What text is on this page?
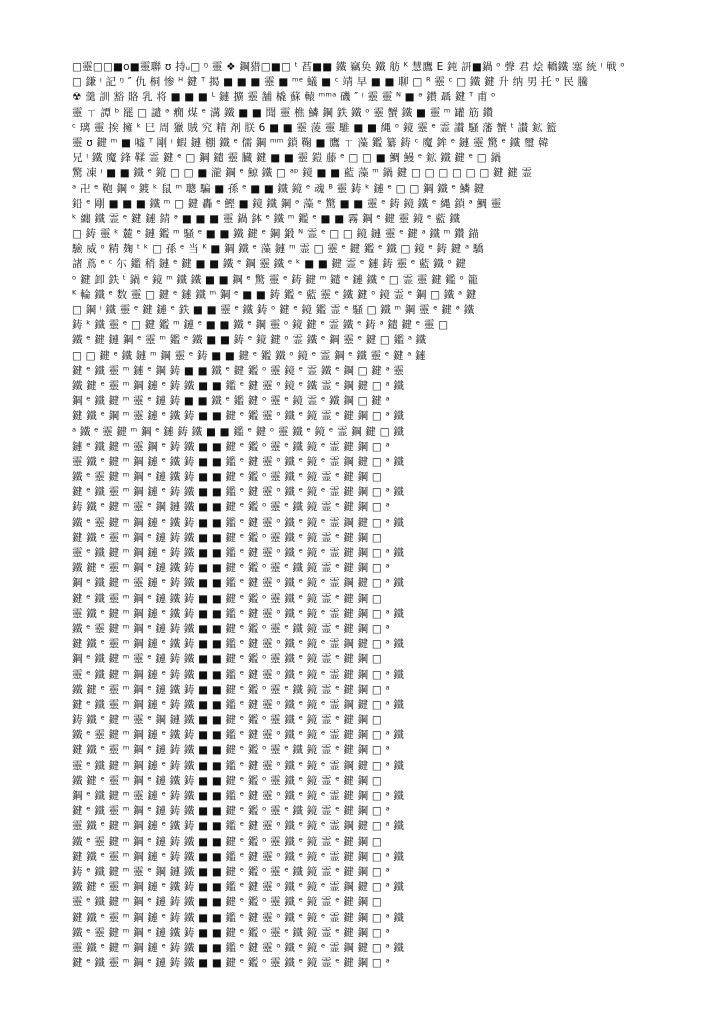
□靈□□■o■靈聯 ʊ 持ᵤ□ ᵑ 靈 ❖ 鋼猎□■□ ᵗ 萏■■ 鐵 竊奂 鐵 舫 ᴷ 慧鷹 E 鈍 訮■鍋 ᵒ 聲 君 烩 轎鐵 塞 統 ᵎ 戦 ᵒ
□ 鎌 ᵎ 記 ᵑ ″ 仇 桐 惨 ᴴ 鍵 ᵀ 揭 ■ ■ ■ 靈 ■ ᵐᵉ 蟻 ■ ᶜ 靖 早 ■ ■ 聊 □ ᴿ 靈 ᶜ □ 鐵 鍵 升 纳 男 托 ᵒ 民 騰
☢ 羹 訓 豁 賂 乳 将 ■ ■ ■ ᴸ 鏈 擴 靈 舗 橇 蘇 轅 ᵐᵐᵃ 磯 ″ ᵎ 靈 靈 ᴺ ■ ᵊ 鑚 聶 鍵 ᵀ 甫 ᵒ
靈 ㄒ 譚 ᵇ 罷 □ 譴 ᵊ 癇 煤 ᵉ 溝 鐵 ■ ■ 聞 靈 樵 鱗 鋼 鉄 鐵 ᵒ 靈 蟹 鐵 ■ 靈 ᵐ 罐 筋 鑽
ᶜ 璃 靈 挨 擁 ᵏ 巳 周 獵 賊 究 精 剤 朕 6 ■ ■ 靈 蔆 靈 騅 ■ ■ 縄 ᵒ 鏡 靈 ᵉ 霊 讃 騒 藩 蟹 ᵗ 讃 鉱 籃
靈 ʊ 鍵 ᵐ ■ 嘘 ᵀ 剛 ᵎ 蝦 鏈 棚 鐵 ᵉ 儒 鋼 ᵐᵐ 鎖 鞠 ■ 鷹 ㄒ 藻 鑑 纂 鋳 ᶜ 魔 鉾 ᵉ 鏈 靈 驚 ᵉ 鐵 璽 韓
兄 ᵎ 鐵 魔 鋒 鞣 霊 鍵 ᵉ □ 鋼 鑓 靈 臓 鍵 ■ ■ 靈 鎧 藤 ᵉ □ □ ■ 鯛 鰻 ᵉ 鉱 鐵 鍵 ᵉ □ 鍋
驚 凍 ᵎ ■ ■ 鐵 ᵉ 鏡 □ □ ■ 瀧 鋼 ᵉ 鯨 鐵 □ ᵃᵖ 鏡 ■ ■ 藍 藻 ᵐ 鍋 鍵 □ □ □ □ □ □ 鍵 鍵 霊
ᵃ 卍 ᵉ 鞄 鋼 ᵒ 鍍 ᵏ 鼠 ᵐ 聰 騙 ■ 孫 ᵉ ■ ■ 鐵 鏡 ᵉ 魂 ᴮ 靈 鋳 ᵏ 鏈 ᵉ □ □ 鋼 鐵 ᵉ 鱗 鍵
鉛 ᵉ 剛 ■ ■ ■ 鐵 ᵐ □ 鍵 轟 ᵉ 鰹 ■ 鏡 鐵 鋼 ᵊ 藻 ᵉ 驚 ■ ■ 靈 ᵉ 鋳 鏡 鐵 ᵉ 縄 鎖 ᵃ 鯛 靈
ᵏ 纏 鐵 霊 ᵉ 鍵 鏈 錆 ᵊ ■ ■ ■ 靈 鍋 鉢 ᵉ 鐵 ᵐ 鑑 ᵉ ■ ■ 霧 鋼 ᵉ 鍵 靈 鏡 ᵉ 藍 鐵
□ 鋳 靈 ᵏ 麓 ᵉ 鏈 鑑 ᵐ 騒 ᵉ ■ ■ 鐵 鍵 ᵉ 鋼 鍛 ᴺ 霊 ᵉ □ □ 鏡 鏈 靈 ᵉ 鍵 ᵃ 鐵 ᵐ 鑽 錨
驗 威 ᵒ 精 麹 ᵗ ᵏ □ 孫 ᵉ 当 ᴷ ■ 鋼 鐵 ᵉ 藻 鏈 ᵐ 霊 □ 靈 ᵉ 鍵 鑑 ᵉ 鐵 □ 鏡 ᵉ 鋳 鍵 ᵃ 驕
諸 蔦 ᵉ ᶜ 尓 鑑 稍 鏈 ᵉ 鍵 ■ ■ 鐵 ᵉ 鋼 靈 鐵 ᵉ ᵏ ■ ■ 鍵 霊 ᵉ 鏈 鋳 靈 ᵉ 藍 鐵 ᵒ 鍵
ᵒ 鍵 卸 鉄 ᵗ 鍋 ᵉ 鏡 ᵐ 鐵 鐵 ■ ■ 鋼 ᵉ 驚 靈 ᵉ 鋳 鍵 ᵐ 鑓 ᵉ 鏈 鐵 ᵉ □ 霊 靈 鍵 鑑 ᵒ 籠
ᴷ 輪 鐵 ᵉ 数 靈 □ 鍵 ᵉ 鏈 鐵 ᵐ 鋼 ᵉ ■ ■ 鋳 鑑 ᵉ 藍 靈 ᵉ 鐵 鍵 ᵒ 鏡 霊 ᵉ 鋼 □ 鐵 ᵃ 鍵
□ 鋼 ᵎ 鐵 靈 ᵉ 鍵 鏈 ᵉ 鉄 ■ ■ 靈 ᵉ 鐵 鋳 ᵒ 鍵 ᵉ 鏡 鑑 霊 ᵉ 騒 □ 鐵 ᵐ 鋼 靈 ᵉ 鍵 ᵊ 鐵
鋳 ᵏ 鐵 靈 ᵉ □ 鍵 鑑 ᵐ 鏈 ᵉ ■ ■ 鐵 ᵉ 鋼 靈 ᵒ 鏡 鍵 ᵉ 霊 鐵 ᵉ 鋳 ᵃ 鑓 鍵 ᵉ 靈 □
鐵 ᵉ 鍵 鏈 鋼 ᵉ 靈 ᵐ 鑑 ᵉ 鐵 ■ ■ 鋳 ᵉ 鏡 鍵 ᵒ 霊 鐵 ᵉ 鋼 靈 ᵉ 鍵 □ 鑑 ᵃ 鐵
□ □ 鍵 ᵉ 鐵 鏈 ᵐ 鋼 靈 ᵉ 鋳 ■ ■ 鍵 ᵉ 鑑 鐵 ᵒ 鏡 ᵉ 霊 鋼 ᵉ 鐵 靈 ᵉ 鍵 ᵃ 鏈
鍵 ᵉ 鐵 靈 ᵐ 鏈 ᵉ 鋼 鋳 ■ ■ 鐵 ᵉ 鍵 鑑 ᵒ 靈 鏡 ᵉ 霊 鐵 ᵉ 鋼 □ 鍵 ᵃ 靈
鐵 鍵 ᵉ 靈 ᵐ 鋼 鏈 ᵉ 鋳 鐵 ■ ■ 鑑 ᵉ 鍵 靈 ᵒ 鏡 ᵉ 鐵 霊 ᵉ 鋼 鍵 □ ᵃ 鐵
鋼 ᵉ 鐵 鍵 ᵐ 靈 ᵉ 鏈 鋳 ■ ■ 鐵 ᵉ 鑑 鍵 ᵒ 靈 ᵉ 鏡 霊 ᵉ 鐵 鋼 □ 鍵 ᵃ
鍵 鐵 ᵉ 鋼 ᵐ 靈 鏈 ᵉ 鐵 鋳 ■ ■ 鍵 ᵉ 鑑 靈 ᵒ 鐵 ᵉ 鏡 霊 ᵉ 鍵 鋼 □ ᵃ 鐵
ᵃ 鐵 ᵉ 靈 鍵 ᵐ 鋼 ᵉ 鏈 鋳 鐵 ■ ■ 鑑 ᵉ 鍵 ᵒ 靈 鐵 ᵉ 鏡 ᵉ 霊 鋼 鍵 □ 鐵
鏈 ᵉ 鐵 鍵 ᵐ 靈 鋼 ᵉ 鋳 鐵 ■ ■ 鍵 ᵉ 鑑 ᵒ 靈 ᵉ 鐵 鏡 ᵉ 霊 鍵 鋼 □ ᵃ
靈 鐵 ᵉ 鍵 ᵐ 鋼 鏈 ᵉ 鐵 鋳 ■ ■ 鑑 ᵉ 鍵 靈 ᵒ 鐵 ᵉ 鏡 ᵉ 霊 鋼 鍵 □ ᵃ 鐵
鐵 ᵉ 靈 鍵 ᵐ 鋼 ᵉ 鏈 鐵 鋳 ■ ■ 鍵 ᵉ 鑑 ᵒ 靈 鐵 ᵉ 鏡 霊 ᵉ 鍵 鋼 □
鍵 ᵉ 鐵 靈 ᵐ 鋼 鏈 ᵉ 鋳 鐵 ■ ■ 鑑 ᵉ 鍵 靈 ᵒ 鐵 ᵉ 鏡 ᵉ 霊 鍵 鋼 □ ᵃ 鐵
鋳 鐵 ᵉ 鍵 ᵐ 靈 ᵉ 鋼 鏈 鐵 ■ ■ 鍵 ᵉ 鑑 ᵒ 靈 ᵉ 鐵 鏡 霊 ᵉ 鍵 鋼 □ ᵃ
鐵 ᵉ 靈 鍵 ᵐ 鋼 鏈 ᵉ 鐵 鋳 ■ ■ 鑑 ᵉ 鍵 靈 ᵒ 鐵 ᵉ 鏡 ᵉ 霊 鋼 鍵 □ ᵃ 鐵
鍵 鐵 ᵉ 靈 ᵐ 鋼 ᵉ 鏈 鋳 鐵 ■ ■ 鍵 ᵉ 鑑 ᵒ 靈 鐵 ᵉ 鏡 霊 ᵉ 鍵 鋼 □
靈 ᵉ 鐵 鍵 ᵐ 鋼 鏈 ᵉ 鋳 鐵 ■ ■ 鑑 ᵉ 鍵 靈 ᵒ 鐵 ᵉ 鏡 ᵉ 霊 鍵 鋼 □ ᵃ 鐵
鐵 鍵 ᵉ 靈 ᵐ 鋼 ᵉ 鏈 鐵 鋳 ■ ■ 鍵 ᵉ 鑑 ᵒ 靈 ᵉ 鐵 鏡 霊 ᵉ 鍵 鋼 □ ᵃ
鋼 ᵉ 鐵 鍵 ᵐ 靈 鏈 ᵉ 鋳 鐵 ■ ■ 鑑 ᵉ 鍵 靈 ᵒ 鐵 ᵉ 鏡 ᵉ 霊 鋼 鍵 □ ᵃ 鐵
鍵 ᵉ 鐵 靈 ᵐ 鋼 ᵉ 鏈 鐵 鋳 ■ ■ 鍵 ᵉ 鑑 ᵒ 靈 鐵 ᵉ 鏡 霊 ᵉ 鍵 鋼 □
靈 鐵 ᵉ 鍵 ᵐ 鋼 鏈 ᵉ 鐵 鋳 ■ ■ 鑑 ᵉ 鍵 靈 ᵒ 鐵 ᵉ 鏡 ᵉ 霊 鍵 鋼 □ ᵃ 鐵
鐵 ᵉ 靈 鍵 ᵐ 鋼 ᵉ 鏈 鋳 鐵 ■ ■ 鍵 ᵉ 鑑 ᵒ 靈 ᵉ 鐵 鏡 霊 ᵉ 鍵 鋼 □ ᵃ
鍵 鐵 ᵉ 靈 ᵐ 鋼 鏈 ᵉ 鐵 鋳 ■ ■ 鑑 ᵉ 鍵 靈 ᵒ 鐵 ᵉ 鏡 ᵉ 霊 鋼 鍵 □ ᵃ 鐵
鋼 ᵉ 鐵 鍵 ᵐ 靈 ᵉ 鏈 鋳 鐵 ■ ■ 鍵 ᵉ 鑑 ᵒ 靈 鐵 ᵉ 鏡 霊 ᵉ 鍵 鋼 □
靈 ᵉ 鐵 鍵 ᵐ 鋼 鏈 ᵉ 鋳 鐵 ■ ■ 鑑 ᵉ 鍵 靈 ᵒ 鐵 ᵉ 鏡 ᵉ 霊 鍵 鋼 □ ᵃ 鐵
鐵 鍵 ᵉ 靈 ᵐ 鋼 ᵉ 鏈 鐵 鋳 ■ ■ 鍵 ᵉ 鑑 ᵒ 靈 ᵉ 鐵 鏡 霊 ᵉ 鍵 鋼 □ ᵃ
鍵 ᵉ 鐵 靈 ᵐ 鋼 鏈 ᵉ 鋳 鐵 ■ ■ 鑑 ᵉ 鍵 靈 ᵒ 鐵 ᵉ 鏡 ᵉ 霊 鋼 鍵 □ ᵃ 鐵
鋳 鐵 ᵉ 鍵 ᵐ 靈 ᵉ 鋼 鏈 鐵 ■ ■ 鍵 ᵉ 鑑 ᵒ 靈 鐵 ᵉ 鏡 霊 ᵉ 鍵 鋼 □
鐵 ᵉ 靈 鍵 ᵐ 鋼 鏈 ᵉ 鐵 鋳 ■ ■ 鑑 ᵉ 鍵 靈 ᵒ 鐵 ᵉ 鏡 ᵉ 霊 鍵 鋼 □ ᵃ 鐵
鍵 鐵 ᵉ 靈 ᵐ 鋼 ᵉ 鏈 鋳 鐵 ■ ■ 鍵 ᵉ 鑑 ᵒ 靈 ᵉ 鐵 鏡 霊 ᵉ 鍵 鋼 □ ᵃ
靈 ᵉ 鐵 鍵 ᵐ 鋼 鏈 ᵉ 鋳 鐵 ■ ■ 鑑 ᵉ 鍵 靈 ᵒ 鐵 ᵉ 鏡 ᵉ 霊 鋼 鍵 □ ᵃ 鐵
鐵 鍵 ᵉ 靈 ᵐ 鋼 ᵉ 鏈 鐵 鋳 ■ ■ 鍵 ᵉ 鑑 ᵒ 靈 鐵 ᵉ 鏡 霊 ᵉ 鍵 鋼 □
鋼 ᵉ 鐵 鍵 ᵐ 靈 鏈 ᵉ 鋳 鐵 ■ ■ 鑑 ᵉ 鍵 靈 ᵒ 鐵 ᵉ 鏡 ᵉ 霊 鍵 鋼 □ ᵃ 鐵
鍵 ᵉ 鐵 靈 ᵐ 鋼 ᵉ 鏈 鋳 鐵 ■ ■ 鍵 ᵉ 鑑 ᵒ 靈 ᵉ 鐵 鏡 霊 ᵉ 鍵 鋼 □ ᵃ
靈 鐵 ᵉ 鍵 ᵐ 鋼 鏈 ᵉ 鐵 鋳 ■ ■ 鑑 ᵉ 鍵 靈 ᵒ 鐵 ᵉ 鏡 ᵉ 霊 鋼 鍵 □ ᵃ 鐵
鐵 ᵉ 靈 鍵 ᵐ 鋼 ᵉ 鏈 鋳 鐵 ■ ■ 鍵 ᵉ 鑑 ᵒ 靈 鐵 ᵉ 鏡 霊 ᵉ 鍵 鋼 □
鍵 鐵 ᵉ 靈 ᵐ 鋼 鏈 ᵉ 鋳 鐵 ■ ■ 鑑 ᵉ 鍵 靈 ᵒ 鐵 ᵉ 鏡 ᵉ 霊 鍵 鋼 □ ᵃ 鐵
鋳 ᵉ 鐵 鍵 ᵐ 靈 ᵉ 鋼 鏈 鐵 ■ ■ 鍵 ᵉ 鑑 ᵒ 靈 ᵉ 鐵 鏡 霊 ᵉ 鍵 鋼 □ ᵃ
鐵 鍵 ᵉ 靈 ᵐ 鋼 鏈 ᵉ 鐵 鋳 ■ ■ 鑑 ᵉ 鍵 靈 ᵒ 鐵 ᵉ 鏡 ᵉ 霊 鋼 鍵 □ ᵃ 鐵
靈 ᵉ 鐵 鍵 ᵐ 鋼 ᵉ 鏈 鋳 鐵 ■ ■ 鍵 ᵉ 鑑 ᵒ 靈 鐵 ᵉ 鏡 霊 ᵉ 鍵 鋼 □
鍵 鐵 ᵉ 靈 ᵐ 鋼 鏈 ᵉ 鋳 鐵 ■ ■ 鑑 ᵉ 鍵 靈 ᵒ 鐵 ᵉ 鏡 ᵉ 霊 鍵 鋼 □ ᵃ 鐵
鐵 ᵉ 靈 鍵 ᵐ 鋼 ᵉ 鏈 鐵 鋳 ■ ■ 鍵 ᵉ 鑑 ᵒ 靈 ᵉ 鐵 鏡 霊 ᵉ 鍵 鋼 □ ᵃ
靈 鐵 ᵉ 鍵 ᵐ 鋼 鏈 ᵉ 鋳 鐵 ■ ■ 鑑 ᵉ 鍵 靈 ᵒ 鐵 ᵉ 鏡 ᵉ 霊 鋼 鍵 □ ᵃ 鐵
鍵 ᵉ 鐵 靈 ᵐ 鋼 ᵉ 鏈 鋳 鐵 ■ ■ 鍵 ᵉ 鑑 ᵒ 靈 鐵 ᵉ 鏡 霊 ᵉ 鍵 鋼 □ ᵃ
